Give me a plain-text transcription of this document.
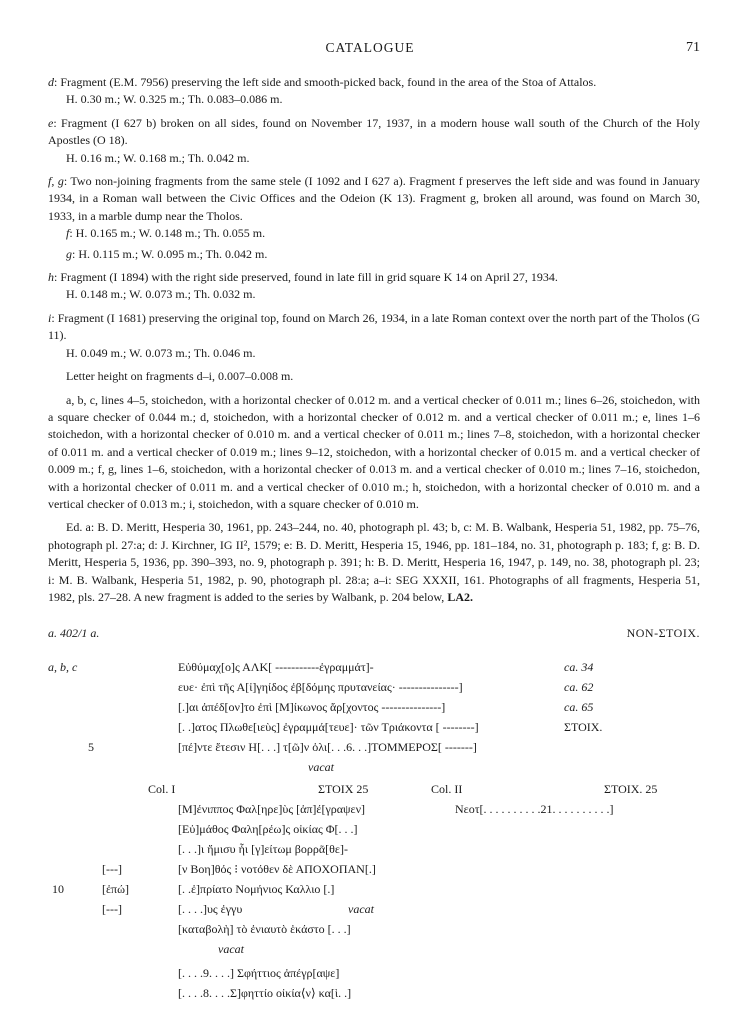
CATALOGUE	71

d: Fragment (E.M. 7956) preserving the left side and smooth-picked back, found in the area of the Stoa of Attalos.

H. 0.30 m.; W. 0.325 m.; Th. 0.083–0.086 m.

e: Fragment (I 627 b) broken on all sides, found on November 17, 1937, in a modern house wall south of the Church of the Holy Apostles (O 18).

H. 0.16 m.; W. 0.168 m.; Th. 0.042 m.

f, g: Two non-joining fragments from the same stele (I 1092 and I 627 a). Fragment f preserves the left side and was found in January 1934, in a Roman wall between the Civic Offices and the Odeion (K 13). Fragment g, broken all around, was found on March 30, 1933, in a marble dump near the Tholos.

f: H. 0.165 m.; W. 0.148 m.; Th. 0.055 m.

g: H. 0.115 m.; W. 0.095 m.; Th. 0.042 m.

h: Fragment (I 1894) with the right side preserved, found in late fill in grid square K 14 on April 27, 1934.

H. 0.148 m.; W. 0.073 m.; Th. 0.032 m.

i: Fragment (I 1681) preserving the original top, found on March 26, 1934, in a late Roman context over the north part of the Tholos (G 11).

H. 0.049 m.; W. 0.073 m.; Th. 0.046 m.

Letter height on fragments d–i, 0.007–0.008 m.

a, b, c, lines 4–5, stoichedon, with a horizontal checker of 0.012 m. and a vertical checker of 0.011 m.; lines 6–26, stoichedon, with a square checker of 0.044 m.; d, stoichedon, with a horizontal checker of 0.012 m. and a vertical checker of 0.011 m.; e, lines 1–6 stoichedon, with a horizontal checker of 0.010 m. and a vertical checker of 0.011 m.; lines 7–8, stoichedon, with a horizontal checker of 0.011 m. and a vertical checker of 0.019 m.; lines 9–12, stoichedon, with a horizontal checker of 0.015 m. and a vertical checker of 0.009 m.; f, g, lines 1–6, stoichedon, with a horizontal checker of 0.013 m. and a vertical checker of 0.010 m.; lines 7–16, stoichedon, with a horizontal checker of 0.011 m. and a vertical checker of 0.010 m.; h, stoichedon, with a horizontal checker of 0.010 m. and a vertical checker of 0.013 m.; i, stoichedon, with a square checker of 0.010 m.

Ed. a: B. D. Meritt, Hesperia 30, 1961, pp. 243–244, no. 40, photograph pl. 43; b, c: M. B. Walbank, Hesperia 51, 1982, pp. 75–76, photograph pl. 27:a; d: J. Kirchner, IG II², 1579; e: B. D. Meritt, Hesperia 15, 1946, pp. 181–184, no. 31, photograph p. 183; f, g: B. D. Meritt, Hesperia 5, 1936, pp. 390–393, no. 9, photograph p. 391; h: B. D. Meritt, Hesperia 16, 1947, p. 149, no. 38, photograph pl. 23; i: M. B. Walbank, Hesperia 51, 1982, p. 90, photograph pl. 28:a; a–i: SEG XXXII, 161. Photographs of all fragments, Hesperia 51, 1982, pls. 27–28. A new fragment is added to the series by Walbank, p. 204 below, LA2.

a. 402/1 a.	NON-ΣΤΟΙΧ.
a, b, c	Εὐθύμαχ[ο]ς ΑΛΚ[ -----------ἐγραμμάτ]-	ca. 34
ευε· ἐπὶ τῆς Α[ἰ]γηίδος ἐβ[δόμης πρυτανείας· ---------------]	ca. 62
[.]αι ἀπέδ[ον]το ἐπὶ [Μ]ίκωνος ἄρ[χοντος ---------------]	ca. 65
[. .]ατος Πλωθε[ιεὺς] ἐγραμμά[τευε]· τῶν Τριάκοντα [ --------]	ΣΤΟΙΧ.
5	[πέ]ντε ἔτεσιν Η[. . .] τ[ῶ]ν ὀλι[. . .6. . .]ΤΟΜΜΕΡΟΣ[ -------]
vacat
Col. I	ΣΤΟΙΧ 25	Col. II	ΣΤΟΙΧ. 25
[Μ]ένιππος Φαλ[ηρε]ὺς [ἀπ]έ[γραψεν]	Νεοτ[. . . . . . . . . .21. . . . . . . . . .]
[Εὐ]μάθος Φαλη[ρέω]ς οἰκίας Φ[. . .]
[. . .]ι ἥμισυ ἧι [γ]είτωμ βορρᾶ[θε]-
[---]	[ν Βοη]θός ⁝ νοτόθεν δὲ ΑΠΟΧΟΠΑΝ[.]
10	[ἐπώ]	[. .ἐ]πρίατο Νομήνιος Καλλιο [.]
[---]	[. . . .]υς ἐγγυ	vacat
[καταβολὴ] τὸ ἐνιαυτὸ ἑκάστο [. . .]
vacat
[. . . .9. . . .] Σφήττιος ἀπέγρ[αψε]
[. . . .8. . . .Σ]φηττίο οἰκία⟨ν⟩ κα[ὶ. .]
